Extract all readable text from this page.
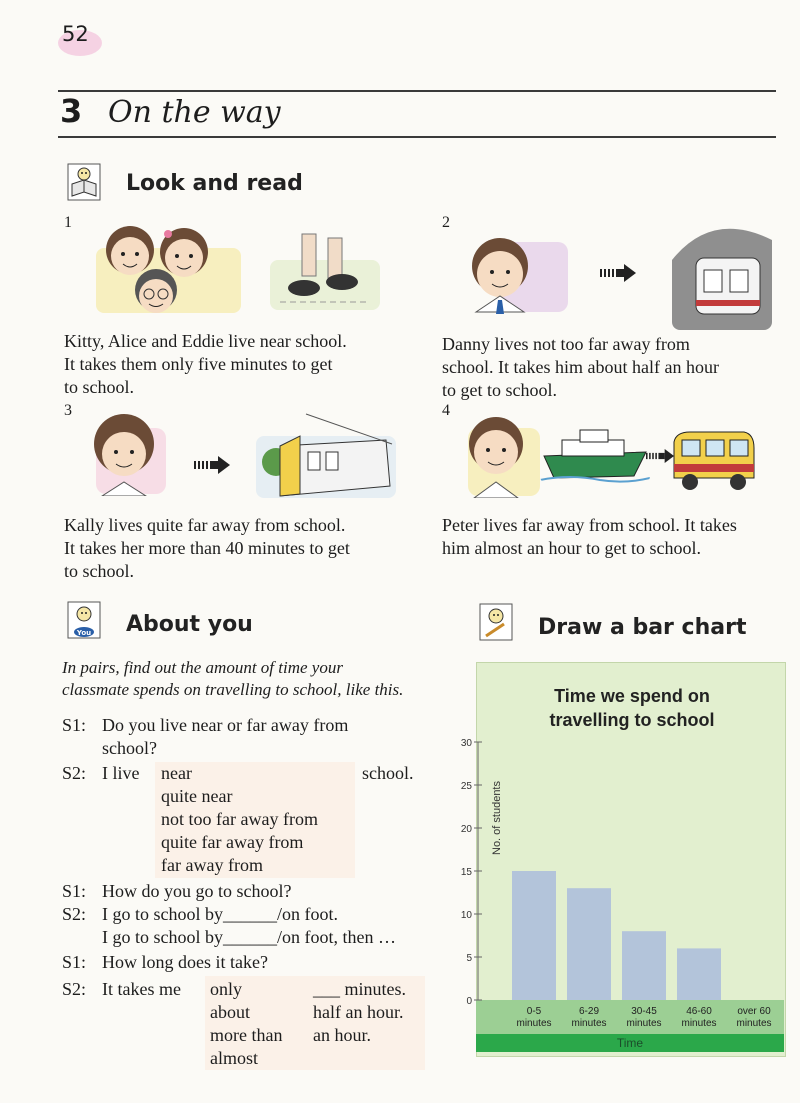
52
3 On the way
Look and read
1
Kitty, Alice and Eddie live near school.
It takes them only five minutes to get
to school.
2
Danny lives not too far away from
school. It takes him about half an hour
to get to school.
3
Kally lives quite far away from school.
It takes her more than 40 minutes to get
to school.
4
Peter lives far away from school. It takes
him almost an hour to get to school.
You About you
In pairs, find out the amount of time your
classmate spends on travelling to school, like this.
S1: Do you live near or far away from
school?
S2: I live near
quite near
not too far away from
quite far away from
far away from
school.
S1: How do you go to school?
S2: I go to school by______/on foot.
I go to school by______/on foot, then …
S1: How long does it take?
S2: It takes me only
about
more than
almost
___ minutes.
half an hour.
an hour.
Draw a bar chart
Time we spend on
travelling to school
0
5
10
15
20
25
30
No. of students
0-5
minutes
6-29
minutes
30-45
minutes
46-60
minutes
over 60
minutes
Time
